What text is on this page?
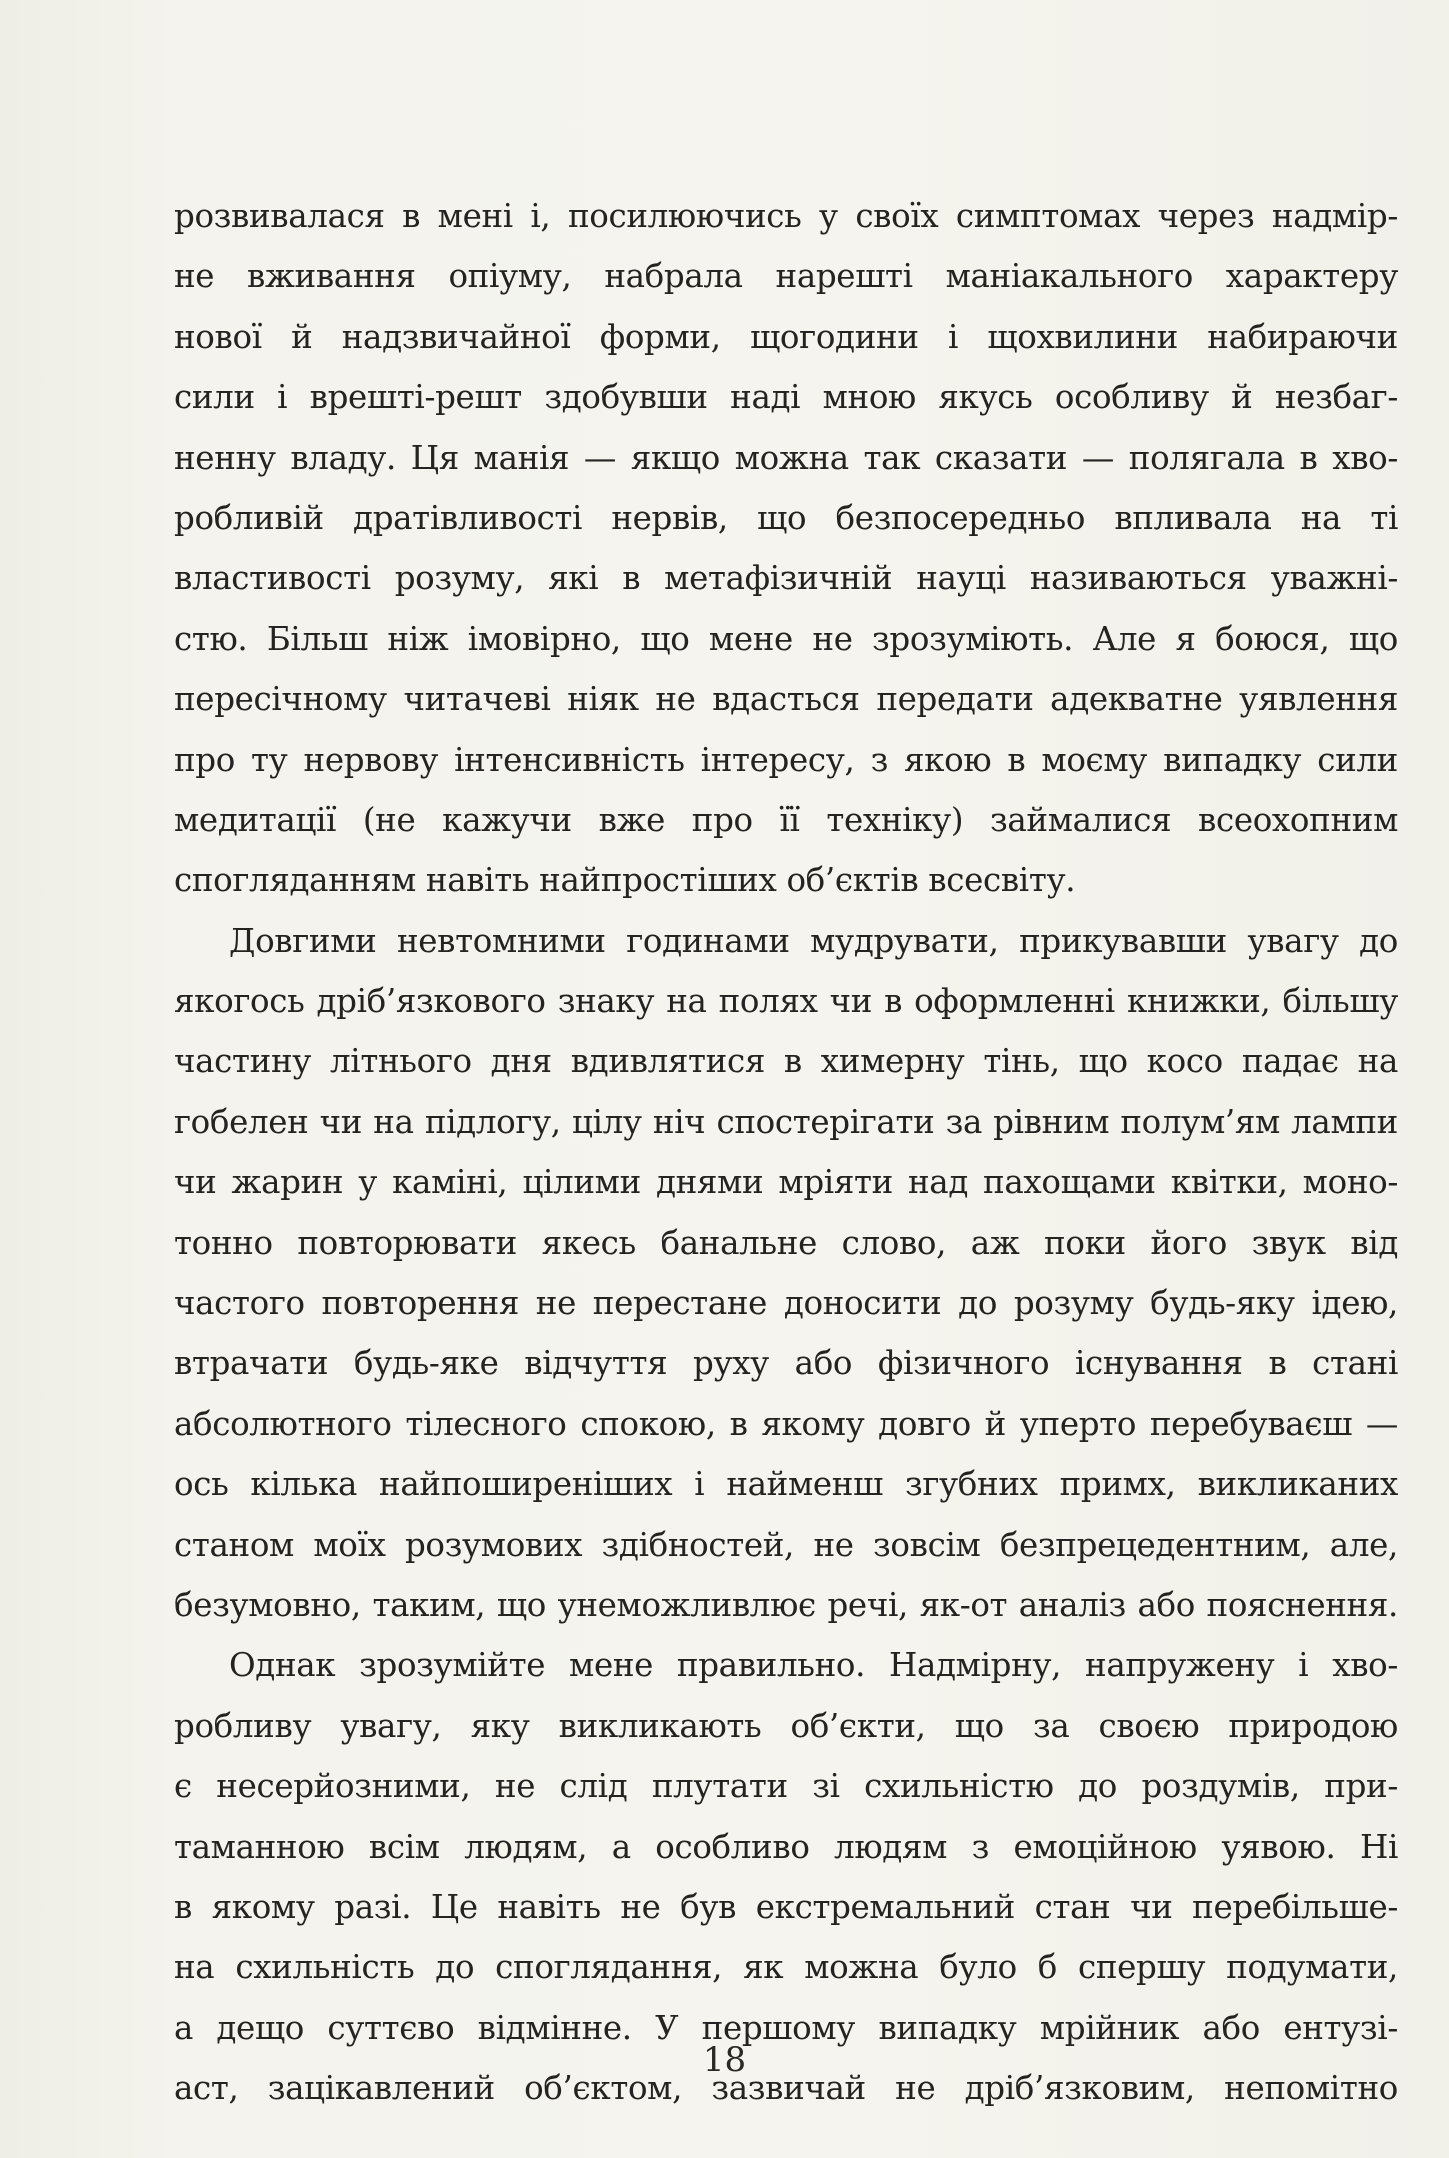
розвивалася в мені і, посилюючись у своїх симптомах через надмір-
не вживання опіуму, набрала нарешті маніакального характеру
нової й надзвичайної форми, щогодини і щохвилини набираючи
сили і врешті-решт здобувши наді мною якусь особливу й незбаг-
ненну владу. Ця манія — якщо можна так сказати — полягала в хво-
робливій дратівливості нервів, що безпосередньо впливала на ті
властивості розуму, які в метафізичній науці називаються уважні-
стю. Більш ніж імовірно, що мене не зрозуміють. Але я боюся, що
пересічному читачеві ніяк не вдасться передати адекватне уявлення
про ту нервову інтенсивність інтересу, з якою в моєму випадку сили
медитації (не кажучи вже про її техніку) займалися всеохопним
спогляданням навіть найпростіших об’єктів всесвіту.
Довгими невтомними годинами мудрувати, прикувавши увагу до
якогось дріб’язкового знаку на полях чи в оформленні книжки, більшу
частину літнього дня вдивлятися в химерну тінь, що косо падає на
гобелен чи на підлогу, цілу ніч спостерігати за рівним полум’ям лампи
чи жарин у каміні, цілими днями мріяти над пахощами квітки, моно-
тонно повторювати якесь банальне слово, аж поки його звук від
частого повторення не перестане доносити до розуму будь-яку ідею,
втрачати будь-яке відчуття руху або фізичного існування в стані
абсолютного тілесного спокою, в якому довго й уперто перебуваєш —
ось кілька найпоширеніших і найменш згубних примх, викликаних
станом моїх розумових здібностей, не зовсім безпрецедентним, але,
безумовно, таким, що унеможливлює речі, як-от аналіз або пояснення.
Однак зрозумійте мене правильно. Надмірну, напружену і хво-
робливу увагу, яку викликають об’єкти, що за своєю природою
є несерйозними, не слід плутати зі схильністю до роздумів, при-
таманною всім людям, а особливо людям з емоційною уявою. Ні
в якому разі. Це навіть не був екстремальний стан чи перебільше-
на схильність до споглядання, як можна було б спершу подумати,
а дещо суттєво відмінне. У першому випадку мрійник або ентузі-
аст, зацікавлений об’єктом, зазвичай не дріб’язковим, непомітно
18
